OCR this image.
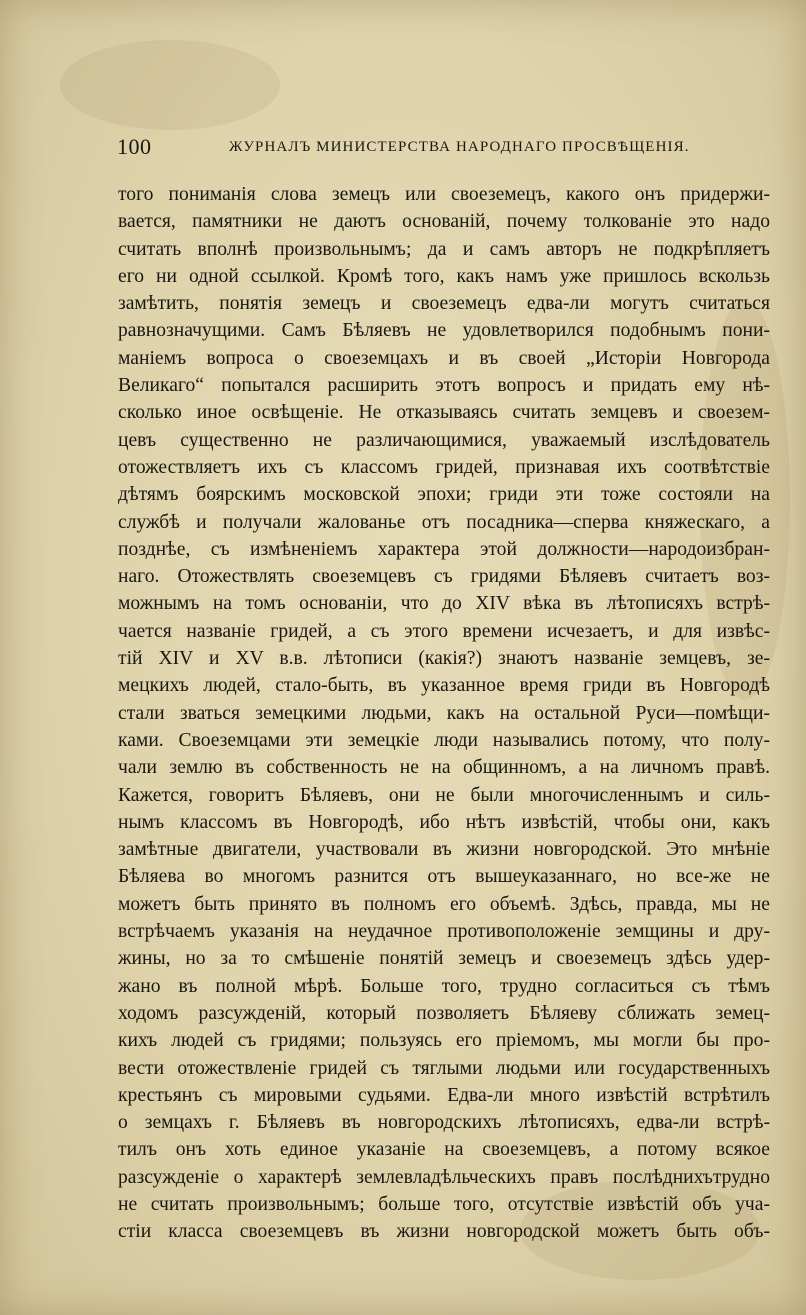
100	ЖУРНАЛЪ МИНИСТЕРСТВА НАРОДНАГО ПРОСВѢЩЕНІЯ.
того пониманія слова земецъ или своеземецъ, какого онъ придержи-
вается, памятники не даютъ основаній, почему толкованіе это надо
считать вполнѣ произвольнымъ; да и самъ авторъ не подкрѣпляетъ
его ни одной ссылкой. Кромѣ того, какъ намъ уже пришлось вскользь
замѣтить, понятія земецъ и своеземецъ едва-ли могутъ считаться
равнозначущими. Самъ Бѣляевъ не удовлетворился подобнымъ пони-
маніемъ вопроса о своеземцахъ и въ своей „Исторіи Новгорода
Великаго“ попытался расширить этотъ вопросъ и придать ему нѣ-
сколько иное освѣщеніе. Не отказываясь считать земцевъ и своезем-
цевъ существенно не различающимися, уважаемый изслѣдователь
отожествляетъ ихъ съ классомъ гридей, признавая ихъ соотвѣтствіе
дѣтямъ боярскимъ московской эпохи; гриди эти тоже состояли на
службѣ и получали жалованье отъ посадника—сперва княжескаго, а
позднѣе, съ измѣненіемъ характера этой должности—народоизбран-
наго. Отожествлять своеземцевъ съ гридями Бѣляевъ считаетъ воз-
можнымъ на томъ основаніи, что до XIV вѣка въ лѣтописяхъ встрѣ-
чается названіе гридей, а съ этого времени исчезаетъ, и для извѣс-
тій XIV и XV в.в. лѣтописи (какія?) знаютъ названіе земцевъ, зе-
мецкихъ людей, стало-быть, въ указанное время гриди въ Новгородѣ
стали зваться земецкими людьми, какъ на остальной Руси—помѣщи-
ками. Своеземцами эти земецкіе люди назывались потому, что полу-
чали землю въ собственность не на общинномъ, а на личномъ правѣ.
Кажется, говоритъ Бѣляевъ, они не были многочисленнымъ и силь-
нымъ классомъ въ Новгородѣ, ибо нѣтъ извѣстій, чтобы они, какъ
замѣтные двигатели, участвовали въ жизни новгородской. Это мнѣніе
Бѣляева во многомъ разнится отъ вышеуказаннаго, но все-же не
можетъ быть принято въ полномъ его объемѣ. Здѣсь, правда, мы не
встрѣчаемъ указанія на неудачное противоположеніе земщины и дру-
жины, но за то смѣшеніе понятій земецъ и своеземецъ здѣсь удер-
жано въ полной мѣрѣ. Больше того, трудно согласиться съ тѣмъ
ходомъ разсужденій, который позволяетъ Бѣляеву сближать земец-
кихъ людей съ гридями; пользуясь его пріемомъ, мы могли бы про-
вести отожествленіе гридей съ тяглыми людьми или государственныхъ
крестьянъ съ мировыми судьями. Едва-ли много извѣстій встрѣтилъ
о земцахъ г. Бѣляевъ въ новгородскихъ лѣтописяхъ, едва-ли встрѣ-
тилъ онъ хоть единое указаніе на своеземцевъ, а потому всякое
разсужденіе о характерѣ землевладѣльческихъ правъ послѣднихътрудно
не считать произвольнымъ; больше того, отсутствіе извѣстій объ уча-
стіи класса своеземцевъ въ жизни новгородской можетъ быть объ-
